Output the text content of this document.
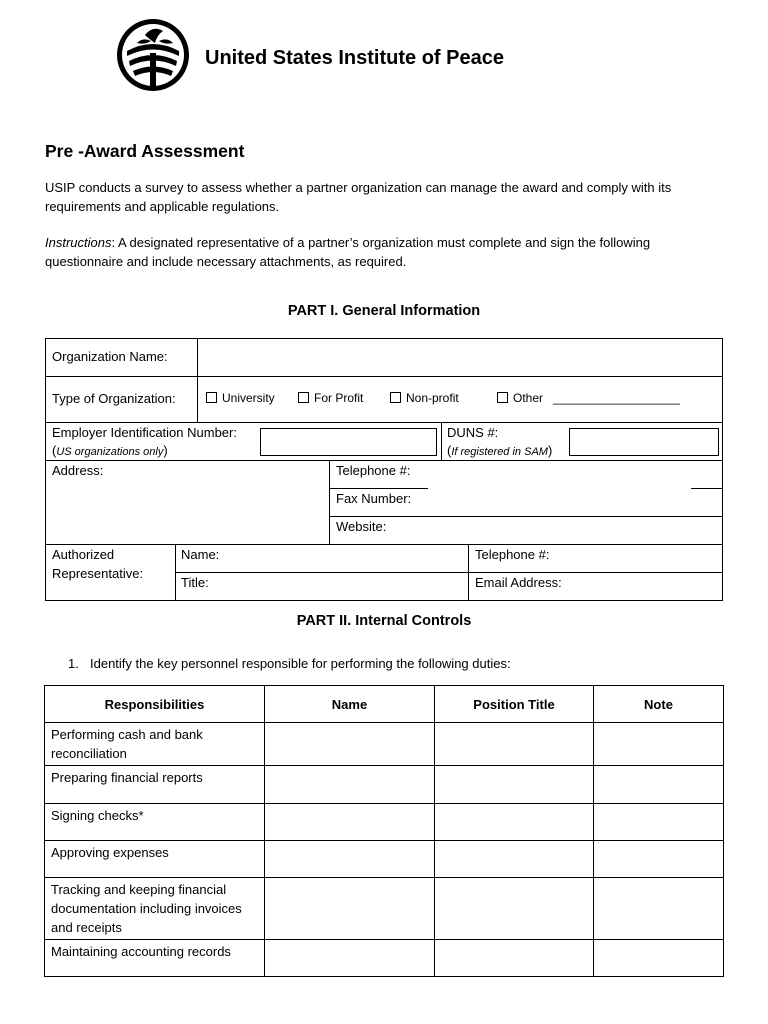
United States Institute of Peace
Pre -Award Assessment
USIP conducts a survey to assess whether a partner organization can manage the award and comply with its requirements and applicable regulations.
Instructions: A designated representative of a partner’s organization must complete and sign the following questionnaire and include necessary attachments, as required.
PART I. General Information
Organization Name:
Type of Organization:	University	For Profit	Non-profit	Other ___________________
Employer Identification Number:
(US organizations only)
DUNS #:
(If registered in SAM)
Address:	Telephone #:
Fax Number:
Website:
Authorized
Representative:
Name:
Title:
Telephone #:
Email Address:
PART II. Internal Controls
1. Identify the key personnel responsible for performing the following duties:
Responsibilities	Name	Position Title	Note
Performing cash and bank reconciliation			
Preparing financial reports			
Signing checks*			
Approving expenses			
Tracking and keeping financial documentation including invoices and receipts			
Maintaining accounting records			
